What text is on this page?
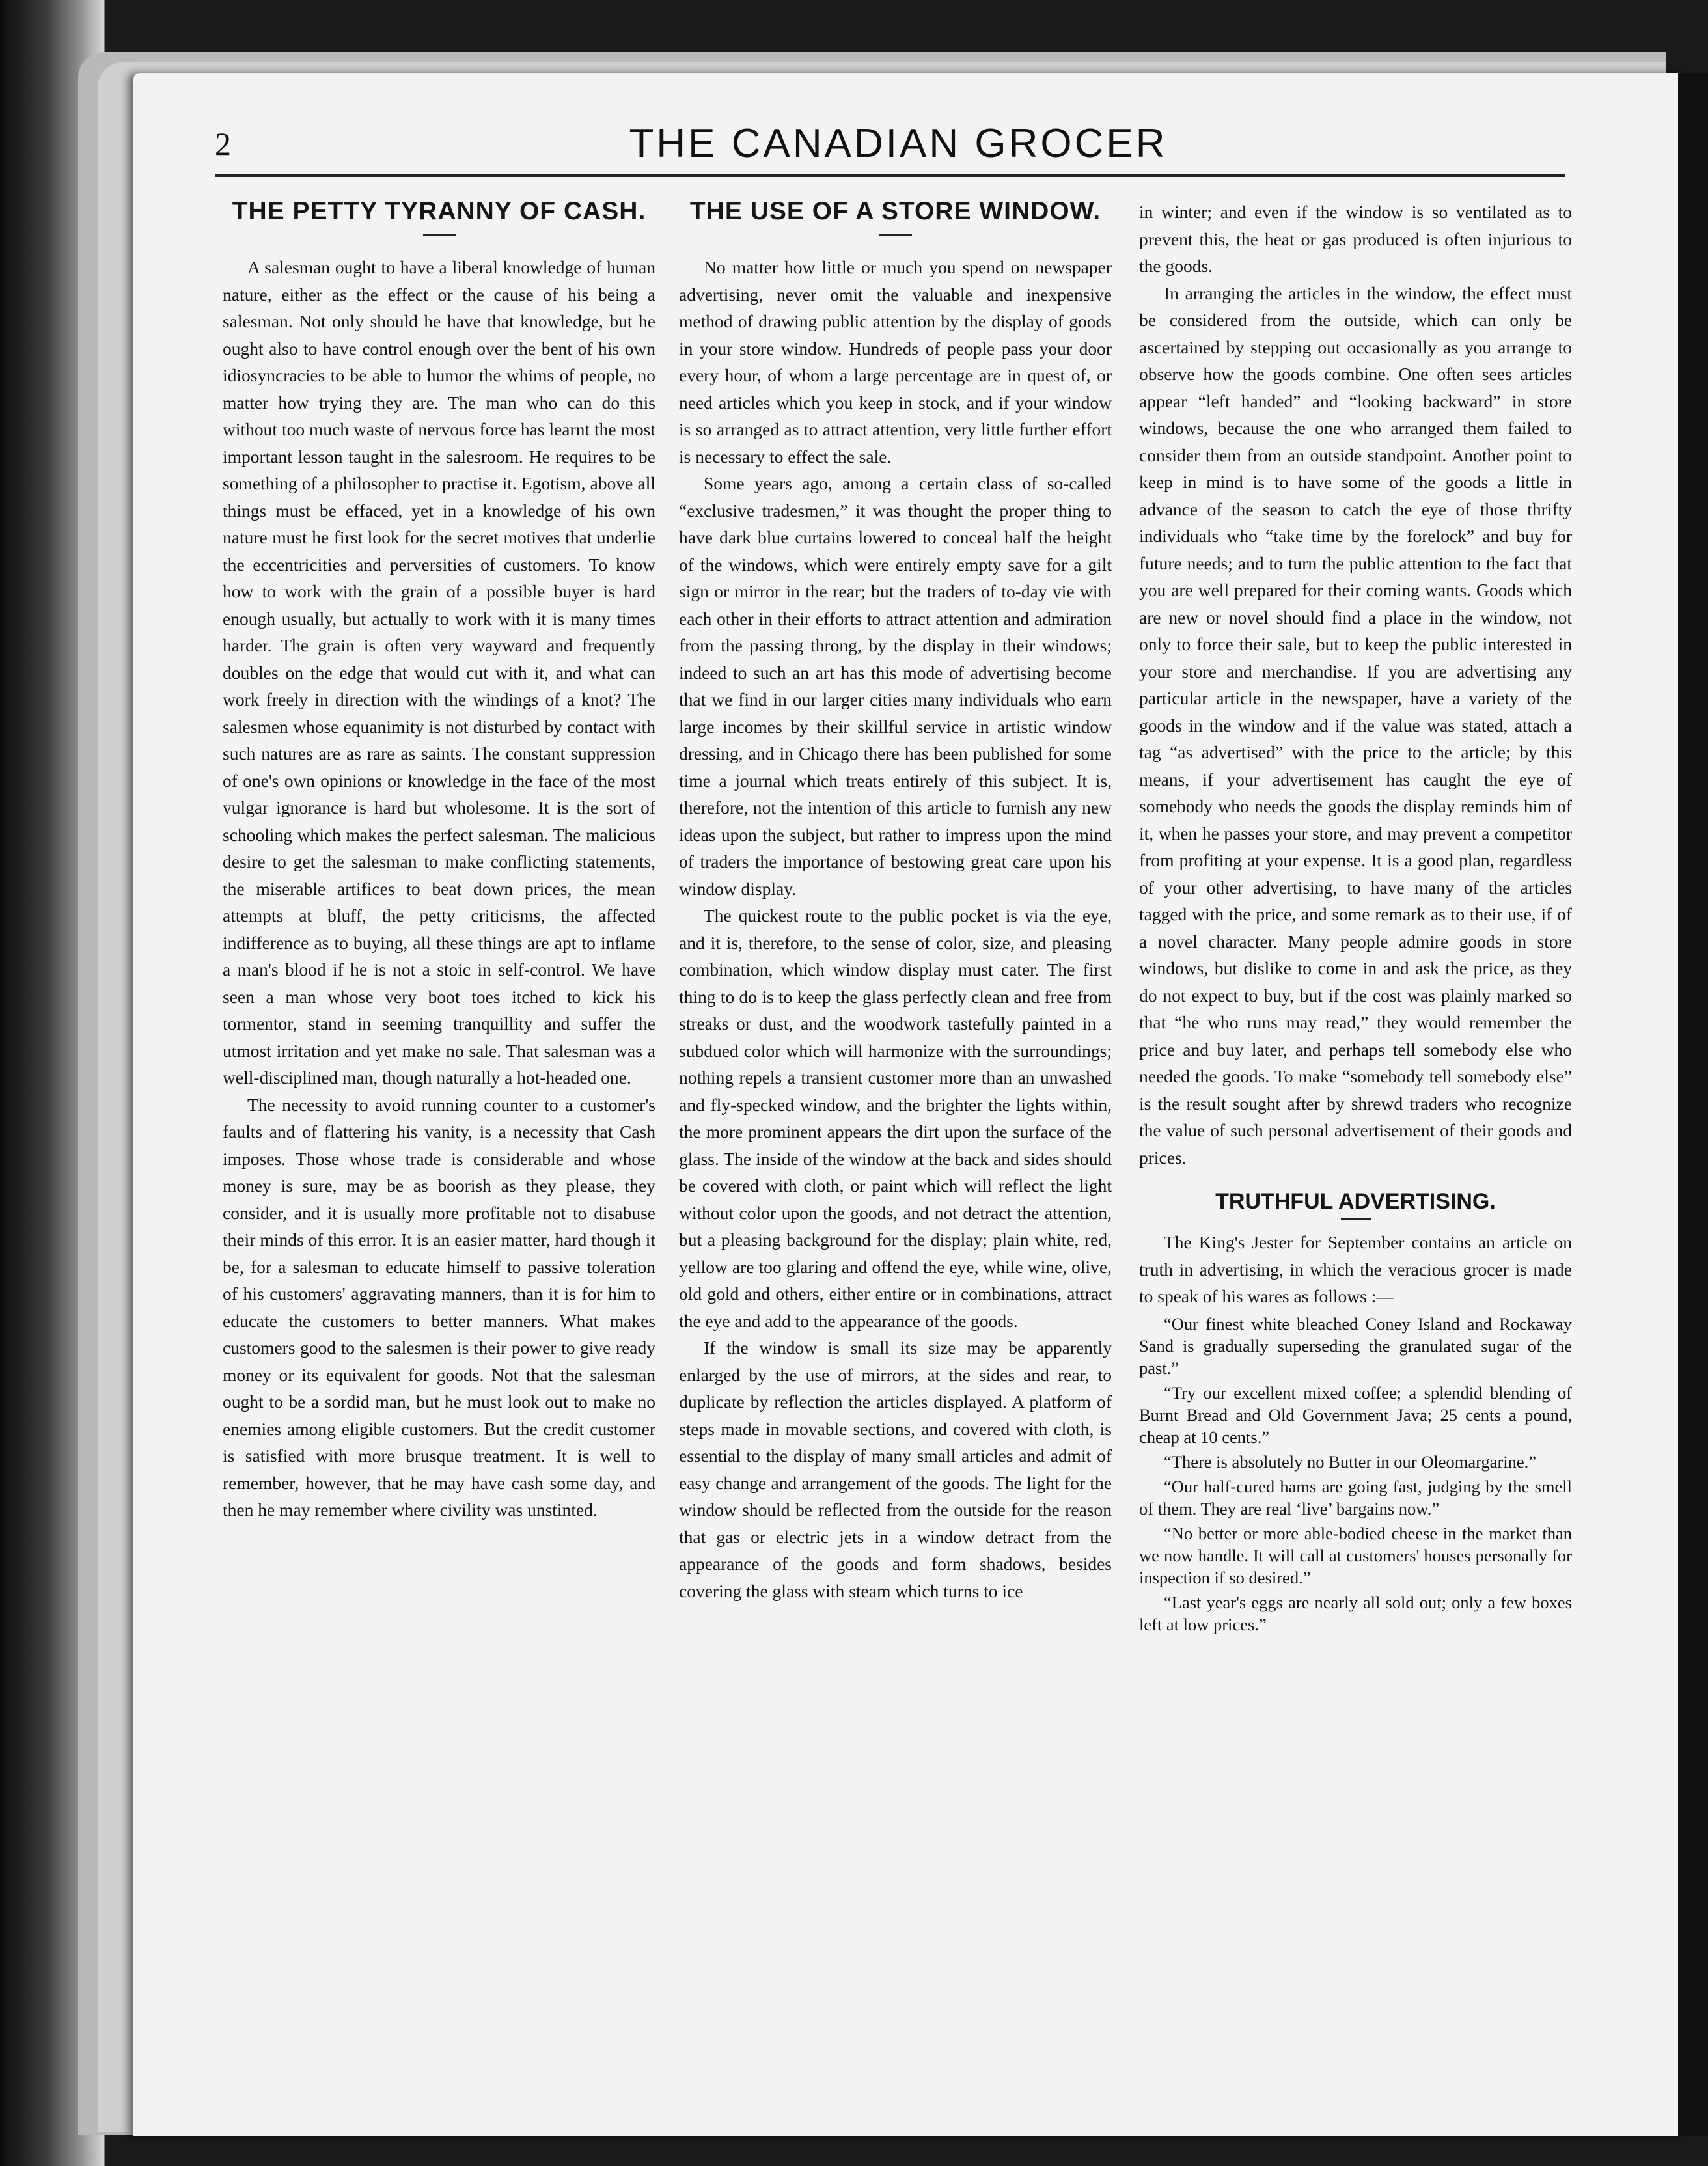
2	THE CANADIAN GROCER
THE PETTY TYRANNY OF CASH.

A salesman ought to have a liberal knowledge of human nature, either as the effect or the cause of his being a salesman. Not only should he have that knowledge, but he ought also to have control enough over the bent of his own idiosyncracies to be able to humor the whims of people, no matter how trying they are. The man who can do this without too much waste of nervous force has learnt the most important lesson taught in the salesroom. He requires to be something of a philosopher to practise it. Egotism, above all things must be effaced, yet in a knowledge of his own nature must he first look for the secret motives that underlie the eccentricities and perversities of customers. To know how to work with the grain of a possible buyer is hard enough usually, but actually to work with it is many times harder. The grain is often very wayward and frequently doubles on the edge that would cut with it, and what can work freely in direction with the windings of a knot? The salesmen whose equanimity is not disturbed by contact with such natures are as rare as saints. The constant suppression of one's own opinions or knowledge in the face of the most vulgar ignorance is hard but wholesome. It is the sort of schooling which makes the perfect salesman. The malicious desire to get the salesman to make conflicting statements, the miserable artifices to beat down prices, the mean attempts at bluff, the petty criticisms, the affected indifference as to buying, all these things are apt to inflame a man's blood if he is not a stoic in self-control. We have seen a man whose very boot toes itched to kick his tormentor, stand in seeming tranquillity and suffer the utmost irritation and yet make no sale. That salesman was a well-disciplined man, though naturally a hot-headed one.

The necessity to avoid running counter to a customer's faults and of flattering his vanity, is a necessity that Cash imposes. Those whose trade is considerable and whose money is sure, may be as boorish as they please, they consider, and it is usually more profitable not to disabuse their minds of this error. It is an easier matter, hard though it be, for a salesman to educate himself to passive toleration of his customers' aggravating manners, than it is for him to educate the customers to better manners. What makes customers good to the salesmen is their power to give ready money or its equivalent for goods. Not that the salesman ought to be a sordid man, but he must look out to make no enemies among eligible customers. But the credit customer is satisfied with more brusque treatment. It is well to remember, however, that he may have cash some day, and then he may remember where civility was unstinted.

THE USE OF A STORE WINDOW.

No matter how little or much you spend on newspaper advertising, never omit the valuable and inexpensive method of drawing public attention by the display of goods in your store window. Hundreds of people pass your door every hour, of whom a large percentage are in quest of, or need articles which you keep in stock, and if your window is so arranged as to attract attention, very little further effort is necessary to effect the sale.

Some years ago, among a certain class of so-called “exclusive tradesmen,” it was thought the proper thing to have dark blue curtains lowered to conceal half the height of the windows, which were entirely empty save for a gilt sign or mirror in the rear; but the traders of to-day vie with each other in their efforts to attract attention and admiration from the passing throng, by the display in their windows; indeed to such an art has this mode of advertising become that we find in our larger cities many individuals who earn large incomes by their skillful service in artistic window dressing, and in Chicago there has been published for some time a journal which treats entirely of this subject. It is, therefore, not the intention of this article to furnish any new ideas upon the subject, but rather to impress upon the mind of traders the importance of bestowing great care upon his window display.

The quickest route to the public pocket is via the eye, and it is, therefore, to the sense of color, size, and pleasing combination, which window display must cater. The first thing to do is to keep the glass perfectly clean and free from streaks or dust, and the woodwork tastefully painted in a subdued color which will harmonize with the surroundings; nothing repels a transient customer more than an unwashed and fly-specked window, and the brighter the lights within, the more prominent appears the dirt upon the surface of the glass. The inside of the window at the back and sides should be covered with cloth, or paint which will reflect the light without color upon the goods, and not detract the attention, but a pleasing background for the display; plain white, red, yellow are too glaring and offend the eye, while wine, olive, old gold and others, either entire or in combinations, attract the eye and add to the appearance of the goods.

If the window is small its size may be apparently enlarged by the use of mirrors, at the sides and rear, to duplicate by reflection the articles displayed. A platform of steps made in movable sections, and covered with cloth, is essential to the display of many small articles and admit of easy change and arrangement of the goods. The light for the window should be reflected from the outside for the reason that gas or electric jets in a window detract from the appearance of the goods and form shadows, besides covering the glass with steam which turns to ice

in winter; and even if the window is so ventilated as to prevent this, the heat or gas produced is often injurious to the goods.

In arranging the articles in the window, the effect must be considered from the outside, which can only be ascertained by stepping out occasionally as you arrange to observe how the goods combine. One often sees articles appear “left handed” and “looking backward” in store windows, because the one who arranged them failed to consider them from an outside standpoint. Another point to keep in mind is to have some of the goods a little in advance of the season to catch the eye of those thrifty individuals who “take time by the forelock” and buy for future needs; and to turn the public attention to the fact that you are well prepared for their coming wants. Goods which are new or novel should find a place in the window, not only to force their sale, but to keep the public interested in your store and merchandise. If you are advertising any particular article in the newspaper, have a variety of the goods in the window and if the value was stated, attach a tag “as advertised” with the price to the article; by this means, if your advertisement has caught the eye of somebody who needs the goods the display reminds him of it, when he passes your store, and may prevent a competitor from profiting at your expense. It is a good plan, regardless of your other advertising, to have many of the articles tagged with the price, and some remark as to their use, if of a novel character. Many people admire goods in store windows, but dislike to come in and ask the price, as they do not expect to buy, but if the cost was plainly marked so that “he who runs may read,” they would remember the price and buy later, and perhaps tell somebody else who needed the goods. To make “somebody tell somebody else” is the result sought after by shrewd traders who recognize the value of such personal advertisement of their goods and prices.

TRUTHFUL ADVERTISING.

The King's Jester for September contains an article on truth in advertising, in which the veracious grocer is made to speak of his wares as follows :—

“Our finest white bleached Coney Island and Rockaway Sand is gradually superseding the granulated sugar of the past.”

“Try our excellent mixed coffee; a splendid blending of Burnt Bread and Old Government Java; 25 cents a pound, cheap at 10 cents.”

“There is absolutely no Butter in our Oleomargarine.”

“Our half-cured hams are going fast, judging by the smell of them. They are real ‘live’ bargains now.”

“No better or more able-bodied cheese in the market than we now handle. It will call at customers' houses personally for inspection if so desired.”

“Last year's eggs are nearly all sold out; only a few boxes left at low prices.”
